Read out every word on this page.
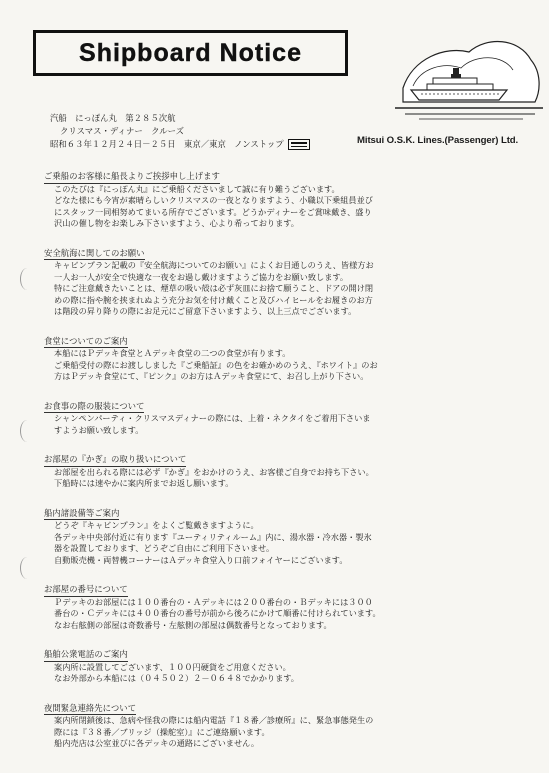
Shipboard Notice
汽船　にっぽん丸　第２８５次航
クリスマス・ディナー　クルーズ
昭和６３年１２月２４日－２５日　東京／東京　ノンストップ	Mitsui O.S.K. Lines.(Passenger) Ltd.
ご乗船のお客様に船長よりご挨拶申し上げます
このたびは『にっぽん丸』にご乗船くださいまして誠に有り難うございます。
どなた様にも今宵が素晴らしいクリスマスの一夜となりますよう、小職以下乗組員並び
にスタッフ一同相努めてまいる所存でございます。どうかディナーをご賞味戴き、盛り
沢山の催し物をお楽しみ下さいますよう、心より希っております。
安全航海に関してのお願い
キャビンプラン記載の『安全航海についてのお願い』によくお目通しのうえ、皆様方お
一人お一人が安全で快適な一夜をお過し戴けますようご協力をお願い致します。
特にご注意戴きたいことは、煙草の吸い殻は必ず灰皿にお捨て願うこと、ドアの開け閉
めの際に指や腕を挟まれぬよう充分お気を付け戴くこと及びハイヒールをお履きのお方
は階段の昇り降りの際にお足元にご留意下さいますよう、以上三点でございます。
食堂についてのご案内
本船にはＰデッキ食堂とＡデッキ食堂の二つの食堂が有ります。
ご乗船受付の際にお渡ししました『ご乗船証』の色をお確かめのうえ、『ホワイト』のお
方はＰデッキ食堂にて、『ピンク』のお方はＡデッキ食堂にて、お召し上がり下さい。
お食事の際の服装について
シャンペンパーティ・クリスマスディナーの際には、上着・ネクタイをご着用下さいま
すようお願い致します。
お部屋の『かぎ』の取り扱いについて
お部屋を出られる際には必ず『かぎ』をおかけのうえ、お客様ご自身でお持ち下さい。
下船時には速やかに案内所までお返し願います。
船内諸設備等ご案内
どうぞ『キャビンプラン』をよくご覧戴きますように。
各デッキ中央部付近に有ります『ユーティリティルーム』内に、湯水器・冷水器・製氷
器を設置しております、どうぞご自由にご利用下さいませ。
自動販売機・両替機コーナーはＡデッキ食堂入り口前フォイヤーにございます。
お部屋の番号について
Ｐデッキのお部屋には１００番台の・Ａデッキには２００番台の・Ｂデッキには３００
番台の・Ｃデッキには４００番台の番号が前から後ろにかけて順番に付けられています。
なお右舷側の部屋は奇数番号・左舷側の部屋は偶数番号となっております。
船舶公衆電話のご案内
案内所に設置してございます、１００円硬貨をご用意ください。
なお外部から本船には（０４５０２）２－０６４８でかかります。
夜間緊急連絡先について
案内所閉鎖後は、急病や怪我の際には船内電話『１８番／診療所』に、緊急事態発生の
際には『３８番／ブリッジ（操舵室）』にご連絡願います。
船内売店は公室並びに各デッキの通路にございません。
